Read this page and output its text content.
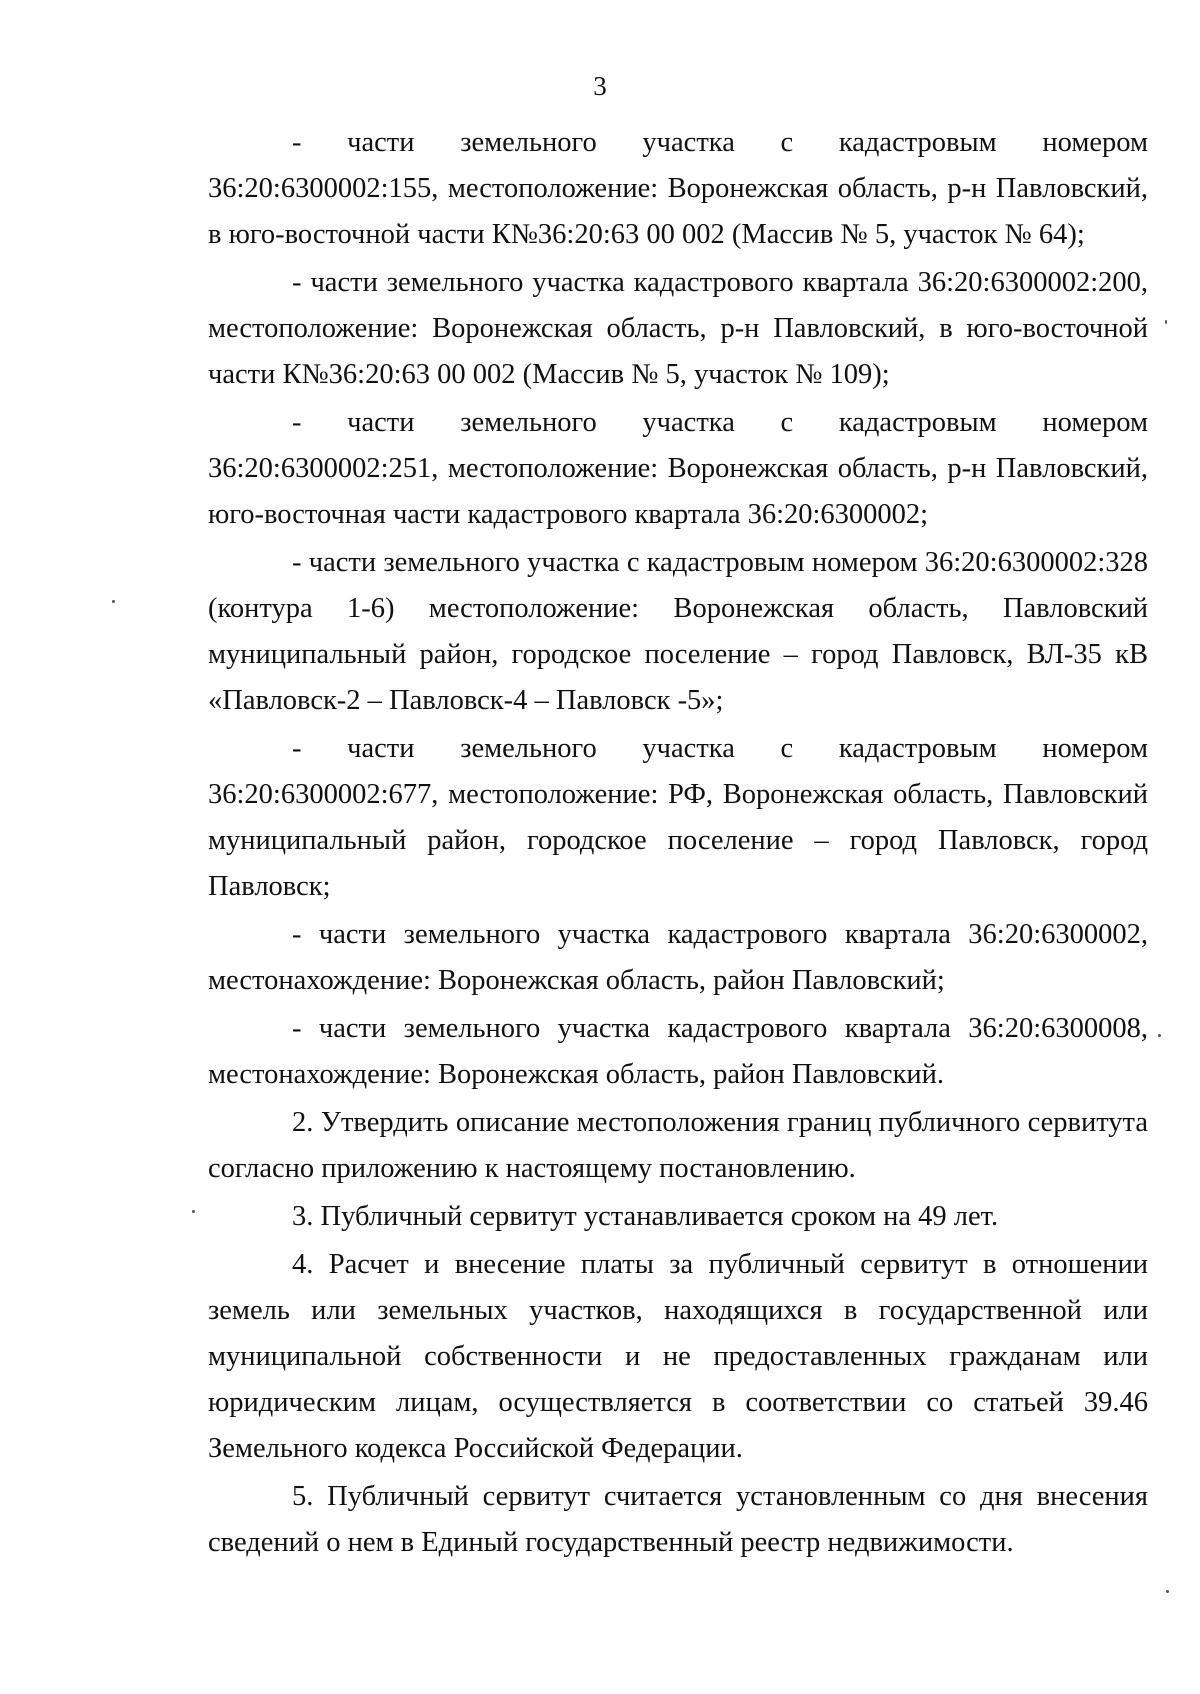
3

- части земельного участка с кадастровым номером 36:20:6300002:155, местоположение: Воронежская область, р-н Павловский, в юго-восточной части К№36:20:63 00 002 (Массив № 5, участок № 64);

- части земельного участка кадастрового квартала 36:20:6300002:200, местоположение: Воронежская область, р-н Павловский, в юго-восточной части К№36:20:63 00 002 (Массив № 5, участок № 109);

- части земельного участка с кадастровым номером 36:20:6300002:251, местоположение: Воронежская область, р-н Павловский, юго-восточная части кадастрового квартала 36:20:6300002;

- части земельного участка с кадастровым номером 36:20:6300002:328 (контура 1-6) местоположение: Воронежская область, Павловский муниципальный район, городское поселение – город Павловск, ВЛ-35 кВ «Павловск-2 – Павловск-4 – Павловск -5»;

- части земельного участка с кадастровым номером 36:20:6300002:677, местоположение: РФ, Воронежская область, Павловский муниципальный район, городское поселение – город Павловск, город Павловск;

- части земельного участка кадастрового квартала 36:20:6300002, местонахождение: Воронежская область, район Павловский;

- части земельного участка кадастрового квартала 36:20:6300008, местонахождение: Воронежская область, район Павловский.

2. Утвердить описание местоположения границ публичного сервитута согласно приложению к настоящему постановлению.

3. Публичный сервитут устанавливается сроком на 49 лет.

4. Расчет и внесение платы за публичный сервитут в отношении земель или земельных участков, находящихся в государственной или муниципальной собственности и не предоставленных гражданам или юридическим лицам, осуществляется в соответствии со статьей 39.46 Земельного кодекса Российской Федерации.

5. Публичный сервитут считается установленным со дня внесения сведений о нем в Единый государственный реестр недвижимости.
